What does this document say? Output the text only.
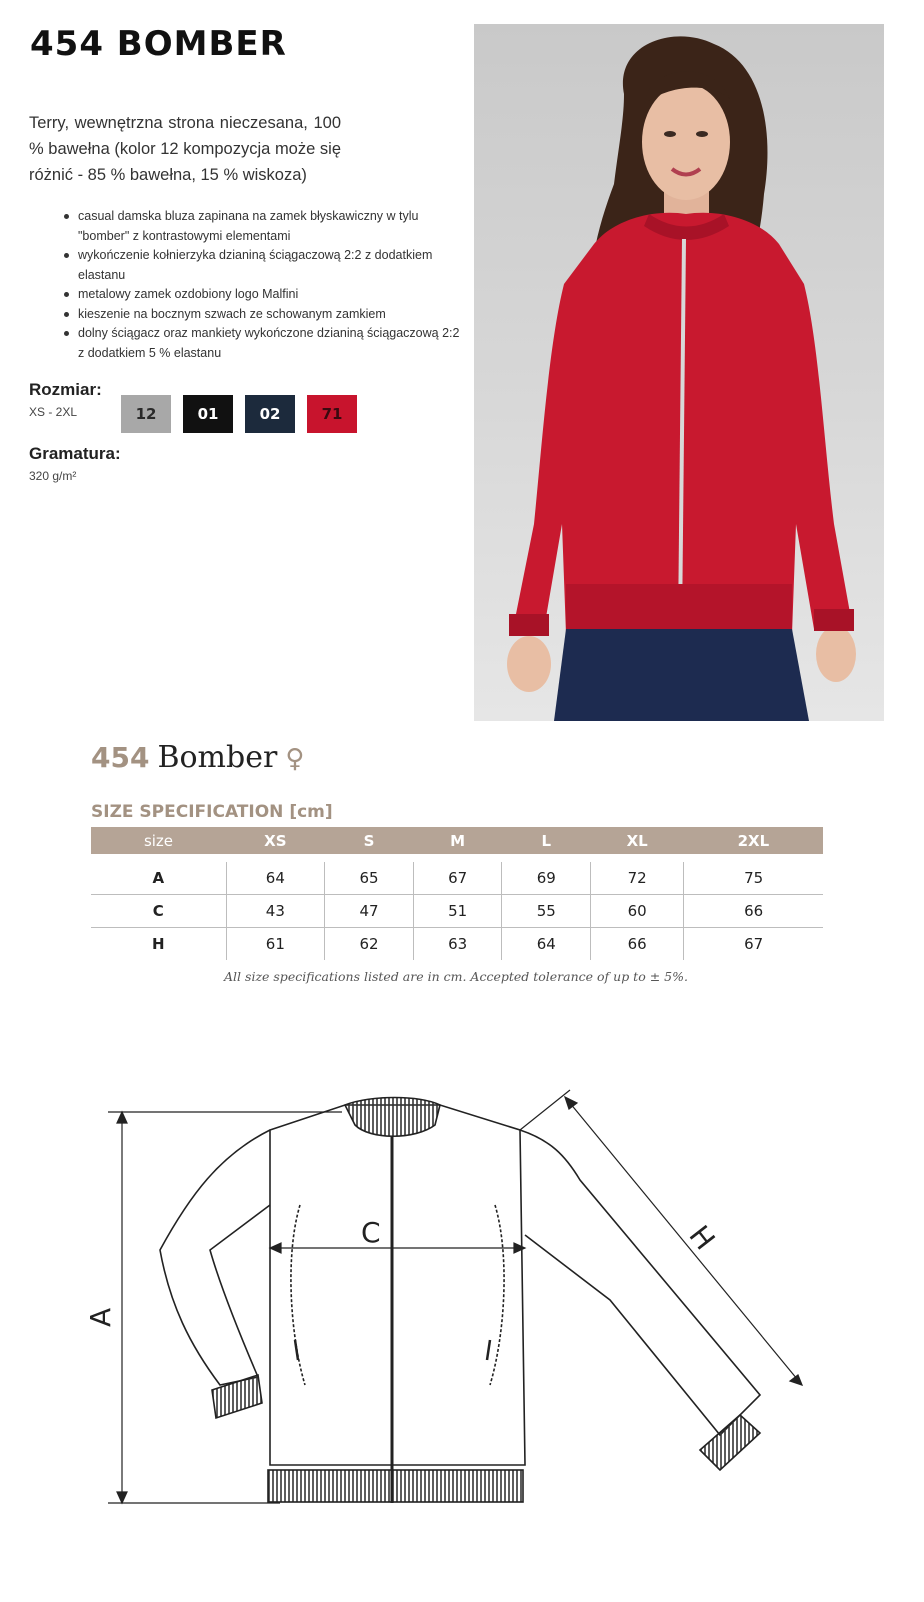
454 BOMBER
Terry, wewnętrzna strona nieczesana, 100 % bawełna (kolor 12 kompozycja może się różnić - 85 % bawełna, 15 % wiskoza)
casual damska bluza zapinana na zamek błyskawiczny w tylu "bomber" z kontrastowymi elementami
wykończenie kołnierzyka dzianiną ściągaczową 2:2 z dodatkiem elastanu
metalowy zamek ozdobiony logo Malfini
kieszenie na bocznym szwach ze schowanym zamkiem
dolny ściągacz oraz mankiety wykończone dzianiną ściągaczową 2:2 z dodatkiem 5 % elastanu
Rozmiar:
XS - 2XL
Gramatura:
320 g/m²
12	01	02	71
454 Bomber ♀
SIZE SPECIFICATION [cm]
size	XS	S	M	L	XL	2XL

A	64	65	67	69	72	75
C	43	47	51	55	60	66
H	61	62	63	64	66	67
All size specifications listed are in cm. Accepted tolerance of up to ± 5%.
A
C	H
